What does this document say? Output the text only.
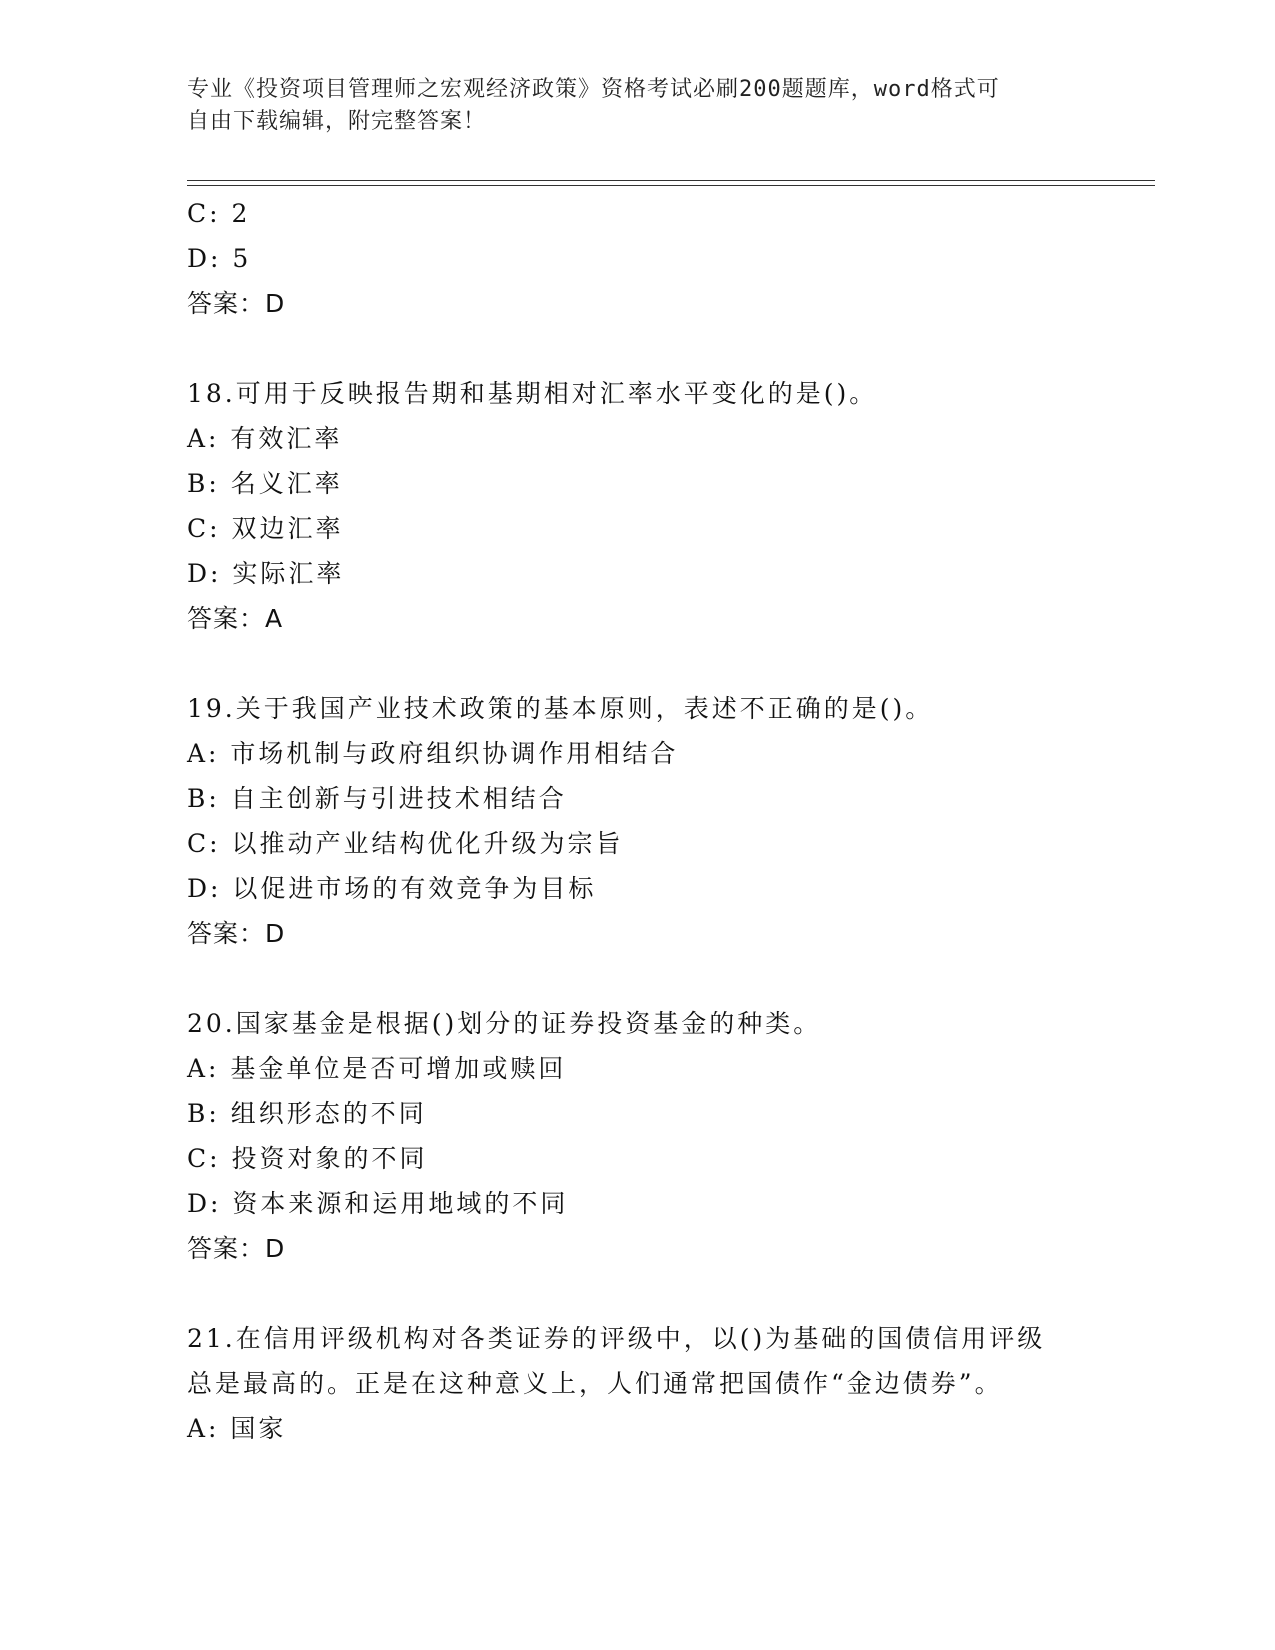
专业《投资项目管理师之宏观经济政策》资格考试必刷200题题库，word格式可
自由下载编辑，附完整答案！
C: 2
D: 5
答案：D
18.可用于反映报告期和基期相对汇率水平变化的是()。
A: 有效汇率
B: 名义汇率
C: 双边汇率
D: 实际汇率
答案：A
19.关于我国产业技术政策的基本原则，表述不正确的是()。
A: 市场机制与政府组织协调作用相结合
B: 自主创新与引进技术相结合
C: 以推动产业结构优化升级为宗旨
D: 以促进市场的有效竞争为目标
答案：D
20.国家基金是根据()划分的证券投资基金的种类。
A: 基金单位是否可增加或赎回
B: 组织形态的不同
C: 投资对象的不同
D: 资本来源和运用地域的不同
答案：D
21.在信用评级机构对各类证券的评级中，以()为基础的国债信用评级
总是最高的。正是在这种意义上，人们通常把国债作“金边债券”。
A: 国家
